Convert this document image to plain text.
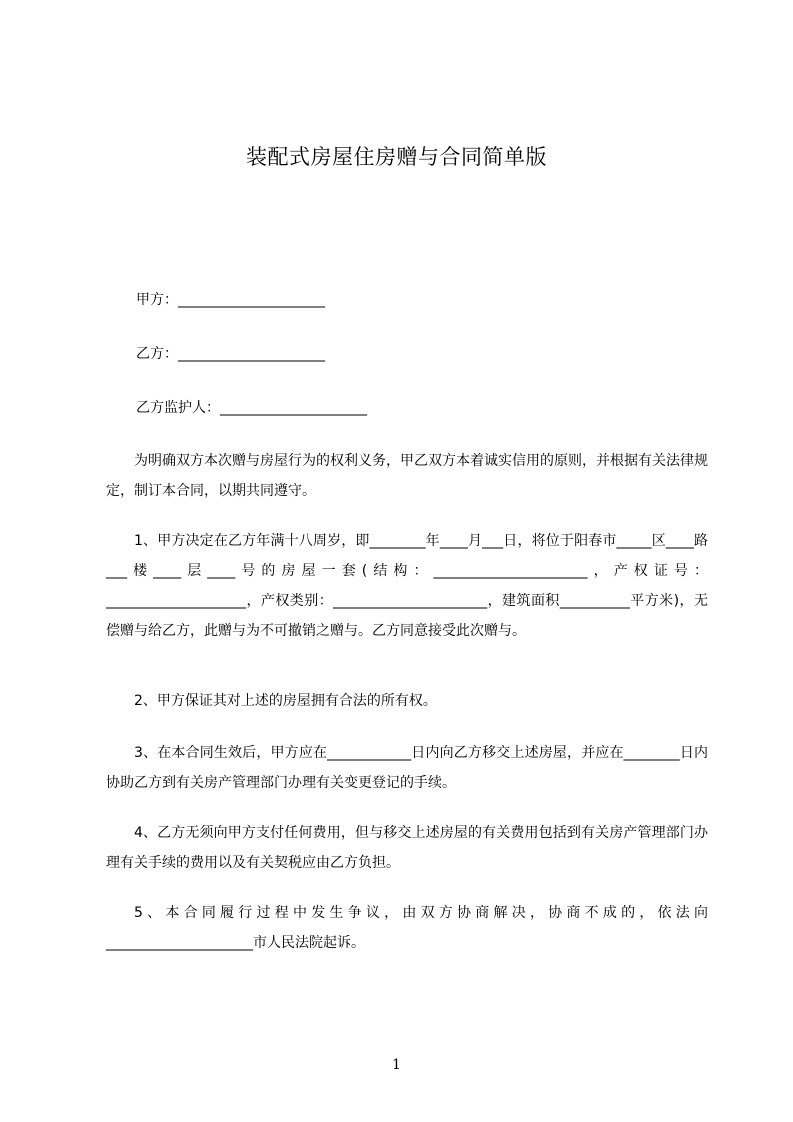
装配式房屋住房赠与合同简单版
甲方：_____________________
乙方：_____________________
乙方监护人：_____________________

为明确双方本次赠与房屋行为的权利义务，甲乙双方本着诚实信用的原则，并根据有关法律规定，制订本合同，以期共同遵守。

1、甲方决定在乙方年满十八周岁，即________年____月___日，将位于阳春市_____区____路___楼____层____号的房屋一套(结构：______________________，产权证号：____________________，产权类别：______________________，建筑面积__________平方米)，无偿赠与给乙方，此赠与为不可撤销之赠与。乙方同意接受此次赠与。

2、甲方保证其对上述的房屋拥有合法的所有权。

3、在本合同生效后，甲方应在____________日内向乙方移交上述房屋，并应在________日内协助乙方到有关房产管理部门办理有关变更登记的手续。

4、乙方无须向甲方支付任何费用，但与移交上述房屋的有关费用包括到有关房产管理部门办理有关手续的费用以及有关契税应由乙方负担。

5、本合同履行过程中发生争议，由双方协商解决，协商不成的，依法向_____________________市人民法院起诉。

1
